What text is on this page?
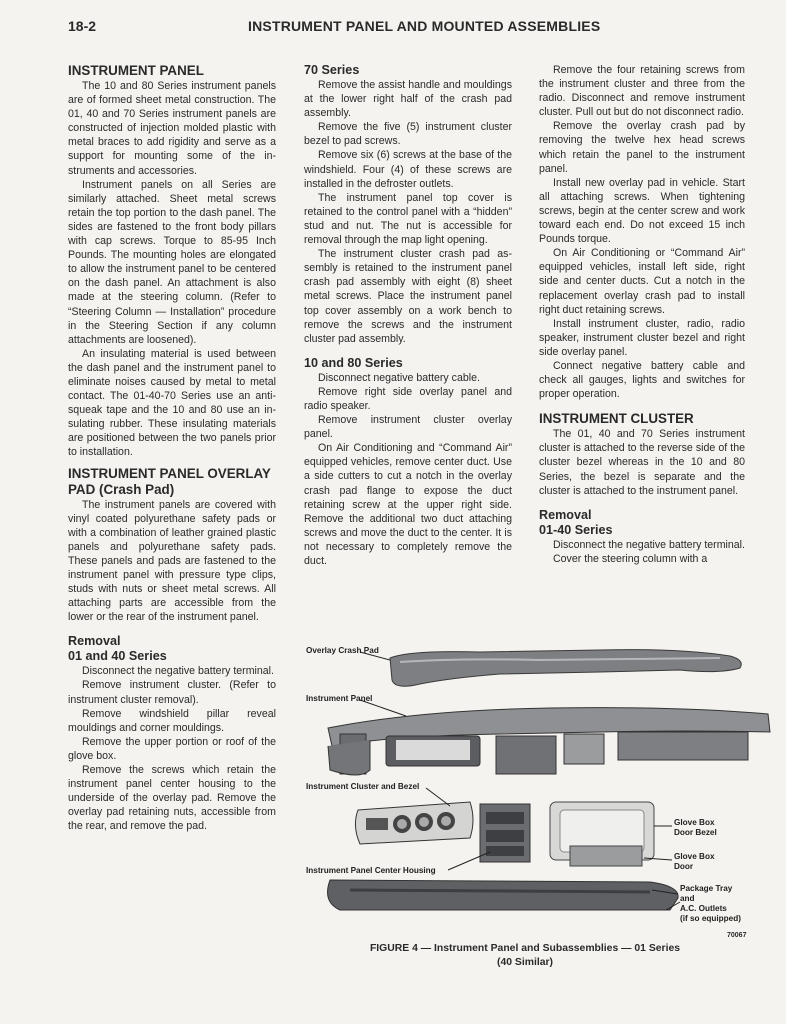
18-2	INSTRUMENT PANEL AND MOUNTED ASSEMBLIES
INSTRUMENT PANEL

The 10 and 80 Series instrument panels are of formed sheet metal construction. The 01, 40 and 70 Series instrument panels are constructed of injection molded plastic with metal braces to add rigidity and serve as a support for mounting some of the instruments and accessories.

Instrument panels on all Series are similarly attached. Sheet metal screws retain the top portion to the dash panel. The sides are fastened to the front body pillars with cap screws. Torque to 85-95 Inch Pounds. The mounting holes are elongated to allow the instrument panel to be centered on the dash panel. An attachment is also made at the steering column. (Refer to “Steering Column — Installation” procedure in the Steering Section if any column attachments are loosened).

An insulating material is used between the dash panel and the instrument panel to eliminate noises caused by metal to metal contact. The 01-40-70 Series use an anti-squeak tape and the 10 and 80 use an insulating rubber. These insulating materials are positioned between the two panels prior to installation.

INSTRUMENT PANEL OVERLAY PAD (Crash Pad)

The instrument panels are covered with vinyl coated polyurethane safety pads or with a combination of leather grained plastic panels and polyurethane safety pads. These panels and pads are fastened to the instrument panel with pressure type clips, studs with nuts or sheet metal screws. All attaching parts are accessible from the lower or the rear of the instrument panel.

Removal
01 and 40 Series

Disconnect the negative battery terminal.

Remove instrument cluster. (Refer to instrument cluster removal).

Remove windshield pillar reveal mouldings and corner mouldings.

Remove the upper portion or roof of the glove box.

Remove the screws which retain the instrument panel center housing to the underside of the overlay pad. Remove the overlay pad retaining nuts, accessible from the rear, and remove the pad.

70 Series

Remove the assist handle and mouldings at the lower right half of the crash pad assembly.

Remove the five (5) instrument cluster bezel to pad screws.

Remove six (6) screws at the base of the windshield. Four (4) of these screws are installed in the defroster outlets.

The instrument panel top cover is retained to the control panel with a “hidden” stud and nut. The nut is accessible for removal through the map light opening.

The instrument cluster crash pad assembly is retained to the instrument panel crash pad assembly with eight (8) sheet metal screws. Place the instrument panel top cover assembly on a work bench to remove the screws and the instrument cluster pad assembly.

10 and 80 Series

Disconnect negative battery cable.

Remove right side overlay panel and radio speaker.

Remove instrument cluster overlay panel.

On Air Conditioning and “Command Air” equipped vehicles, remove center duct. Use a side cutters to cut a notch in the overlay crash pad flange to expose the duct retaining screw at the upper right side. Remove the additional two duct attaching screws and move the duct to the center. It is not necessary to completely remove the duct.

Remove the four retaining screws from the instrument cluster and three from the radio. Disconnect and remove instrument cluster. Pull out but do not disconnect radio.

Remove the overlay crash pad by removing the twelve hex head screws which retain the panel to the instrument panel.

Install new overlay pad in vehicle. Start all attaching screws. When tightening screws, begin at the center screw and work toward each end. Do not exceed 15 inch Pounds torque.

On Air Conditioning or “Command Air” equipped vehicles, install left side, right side and center ducts. Cut a notch in the replacement overlay crash pad to install right duct retaining screws.

Install instrument cluster, radio, radio speaker, instrument cluster bezel and right side overlay panel.

Connect negative battery cable and check all gauges, lights and switches for proper operation.

INSTRUMENT CLUSTER

The 01, 40 and 70 Series instrument cluster is attached to the reverse side of the cluster bezel whereas in the 10 and 80 Series, the bezel is separate and the cluster is attached to the instrument panel.

Removal
01-40 Series

Disconnect the negative battery terminal.

Cover the steering column with a

Overlay Crash Pad
Instrument Panel
Instrument Cluster and Bezel
Instrument Panel Center Housing
Glove Box
Door Bezel
Glove Box
Door
Package Tray
and
A.C. Outlets
(if so equipped)
70067
FIGURE 4 — Instrument Panel and Subassemblies — 01 Series
(40 Similar)
